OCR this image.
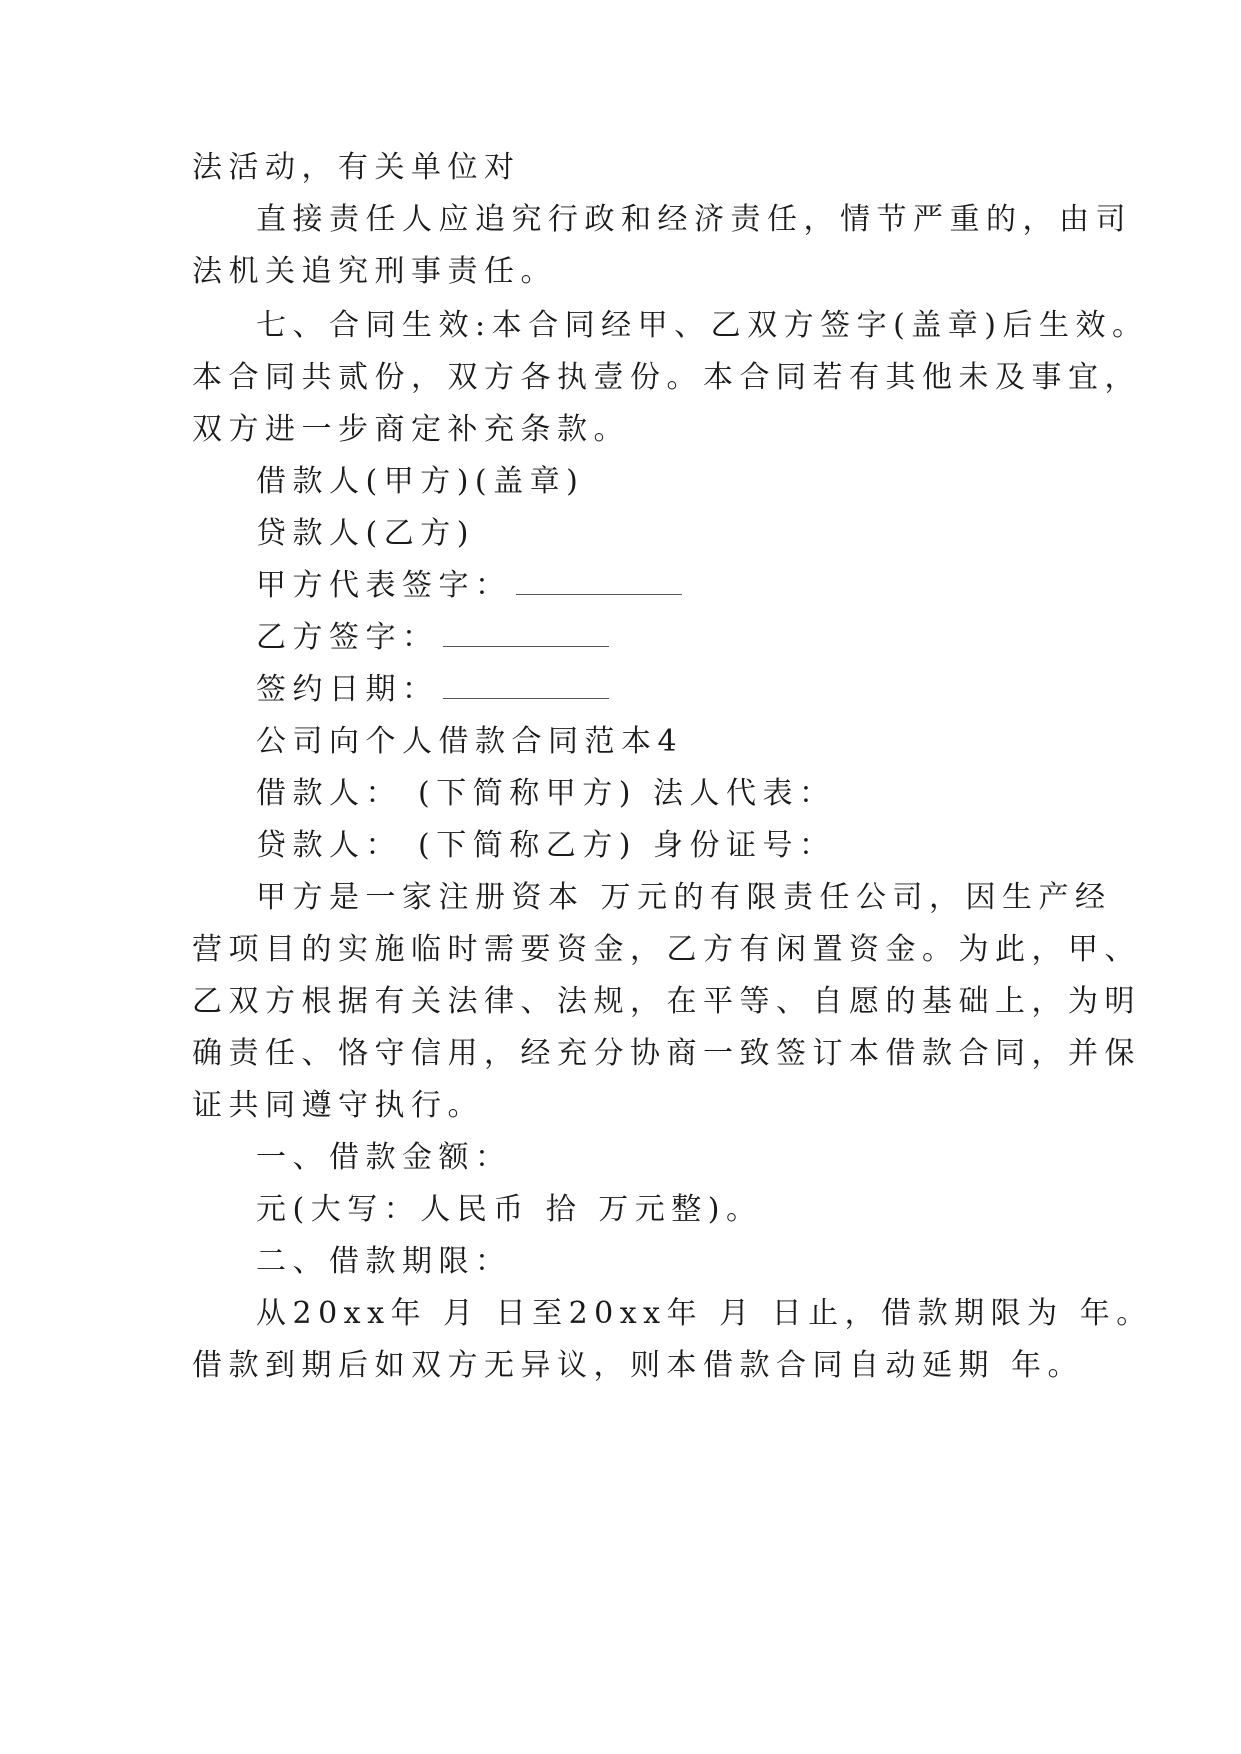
法活动，有关单位对
直接责任人应追究行政和经济责任，情节严重的，由司
法机关追究刑事责任。
七、合同生效:本合同经甲、乙双方签字(盖章)后生效。
本合同共贰份，双方各执壹份。本合同若有其他未及事宜，
双方进一步商定补充条款。
借款人(甲方)(盖章)
贷款人(乙方)
甲方代表签字：
乙方签字：
签约日期：
公司向个人借款合同范本4
借款人： (下简称甲方) 法人代表：
贷款人： (下简称乙方) 身份证号：
甲方是一家注册资本 万元的有限责任公司，因生产经
营项目的实施临时需要资金，乙方有闲置资金。为此，甲、
乙双方根据有关法律、法规，在平等、自愿的基础上，为明
确责任、恪守信用，经充分协商一致签订本借款合同，并保
证共同遵守执行。
一、借款金额：
元(大写：人民币 拾 万元整)。
二、借款期限：
从20xx年 月 日至20xx年 月 日止，借款期限为 年。
借款到期后如双方无异议，则本借款合同自动延期 年。
